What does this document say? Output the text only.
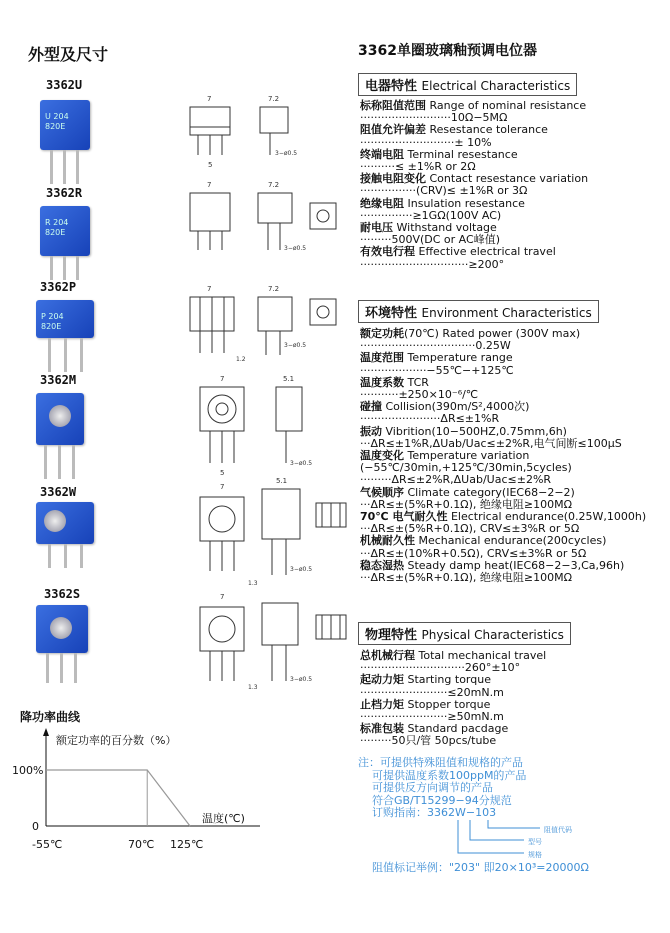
外型及尺寸	3362单圈玻璃釉预调电位器
3362U
3362R
3362P
3362M
3362W
3362S
U 204
820E
R 204
820E
P 204
820E
7	7.2
3−ø0.5
5
7	7.2
3−ø0.5
7	7.2
3−ø0.5
1.2
7	5.1
3−ø0.5
5
7
5.1
3−ø0.5
1.3
7
3−ø0.5
1.3
降功率曲线
额定功率的百分数（%）
温度(℃)
100%
0
-55℃	70℃ 125℃
电器特性 Electrical Characteristics
标称阻值范围 Range of nominal resistance
··························10Ω−5MΩ
阻值允许偏差 Resestance tolerance
···························± 10%
终端电阻 Terminal resestance
··········≤ ±1%R or 2Ω
接触电阻变化 Contact resestance variation
················(CRV)≤ ±1%R or 3Ω
绝缘电阻 Insulation resestance
···············≥1GΩ(100V AC)
耐电压 Withstand voltage
·········500V(DC or AC峰值)
有效电行程 Effective electrical travel
·······························≥200°
环境特性 Environment Characteristics
额定功耗(70℃) Rated power (300V max)
·································0.25W
温度范围 Temperature range
···················−55℃−+125℃
温度系数 TCR
···········±250×10⁻⁶/℃
碰撞 Collision(390m/S²,4000次)
·······················ΔR≤±1%R
振动 Vibrition(10−500HZ,0.75mm,6h)
···ΔR≤±1%R,ΔUab/Uac≤±2%R,电气间断≤100μS
温度变化 Temperature variation
(−55℃/30min,+125℃/30min,5cycles)
·········ΔR≤±2%R,ΔUab/Uac≤±2%R
气候顺序 Climate category(IEC68−2−2)
···ΔR≤±(5%R+0.1Ω), 绝缘电阻≥100MΩ
70℃ 电气耐久性 Electrical endurance(0.25W,1000h)
···ΔR≤±(5%R+0.1Ω), CRV≤±3%R or 5Ω
机械耐久性 Mechanical endurance(200cycles)
···ΔR≤±(10%R+0.5Ω), CRV≤±3%R or 5Ω
稳态湿热 Steady damp heat(IEC68−2−3,Ca,96h)
···ΔR≤±(5%R+0.1Ω), 绝缘电阻≥100MΩ
物理特性 Physical Characteristics
总机械行程 Total mechanical travel
······························260°±10°
起动力矩 Starting torque
·························≤20mN.m
止档力矩 Stopper torque
·························≥50mN.m
标准包装 Standard pacdage
·········50只/管 50pcs/tube
注：可提供特殊阻值和规格的产品
可提供温度系数100ppM的产品
可提供反方向调节的产品
符合GB/T15299−94分规范
订购指南：3362W−103
阻值代码
型号
规格
阻值标记举例："203" 即20×10³=20000Ω
